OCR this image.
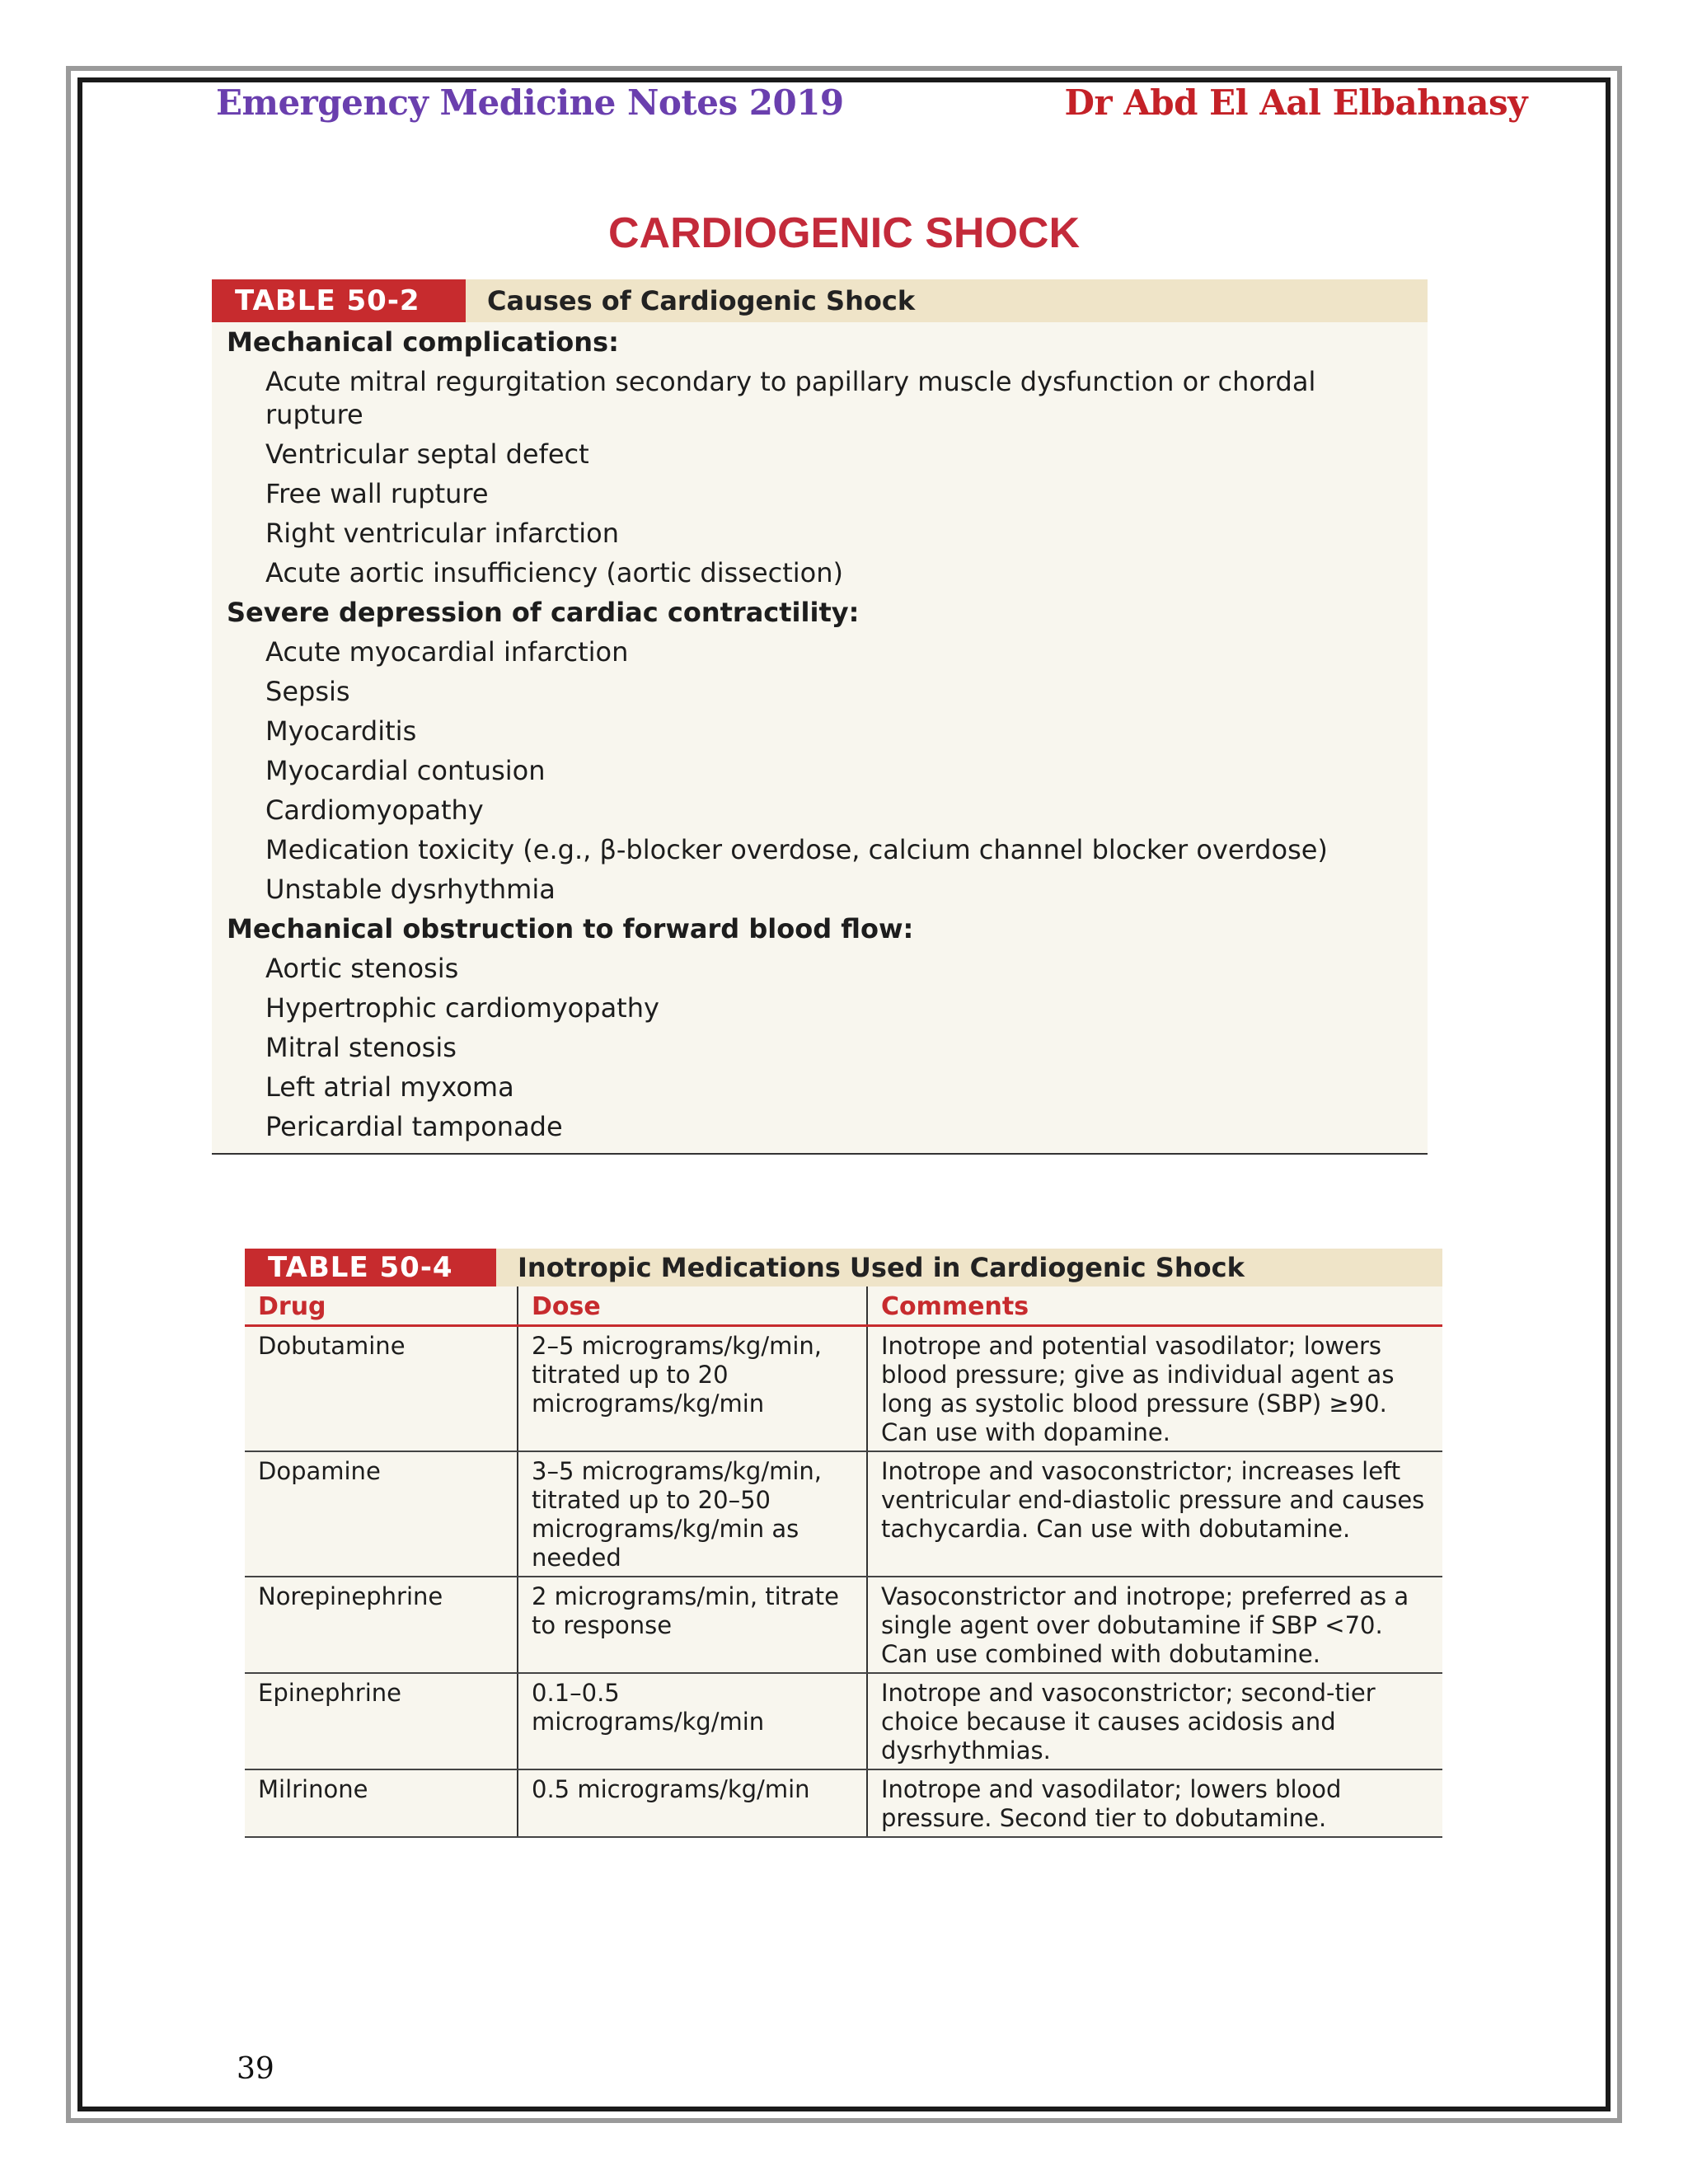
Emergency Medicine Notes 2019	Dr Abd El Aal Elbahnasy
CARDIOGENIC SHOCK
TABLE 50-2	Causes of Cardiogenic Shock
Mechanical complications:
Acute mitral regurgitation secondary to papillary muscle dysfunction or chordal rupture
Ventricular septal defect
Free wall rupture
Right ventricular infarction
Acute aortic insufficiency (aortic dissection)
Severe depression of cardiac contractility:
Acute myocardial infarction
Sepsis
Myocarditis
Myocardial contusion
Cardiomyopathy
Medication toxicity (e.g., β-blocker overdose, calcium channel blocker overdose)
Unstable dysrhythmia
Mechanical obstruction to forward blood flow:
Aortic stenosis
Hypertrophic cardiomyopathy
Mitral stenosis
Left atrial myxoma
Pericardial tamponade
TABLE 50-4	Inotropic Medications Used in Cardiogenic Shock
Drug	Dose	Comments
Dobutamine	2–5 micrograms/kg/min, titrated up to 20 micrograms/kg/min	Inotrope and potential vasodilator; lowers blood pressure; give as individual agent as long as systolic blood pressure (SBP) ≥90. Can use with dopamine.
Dopamine	3–5 micrograms/kg/min, titrated up to 20–50 micrograms/kg/min as needed	Inotrope and vasoconstrictor; increases left ventricular end-diastolic pressure and causes tachycardia. Can use with dobutamine.
Norepinephrine	2 micrograms/min, titrate to response	Vasoconstrictor and inotrope; preferred as a single agent over dobutamine if SBP <70. Can use combined with dobutamine.
Epinephrine	0.1–0.5 micrograms/kg/min	Inotrope and vasoconstrictor; second-tier choice because it causes acidosis and dysrhythmias.
Milrinone	0.5 micrograms/kg/min	Inotrope and vasodilator; lowers blood pressure. Second tier to dobutamine.
39
